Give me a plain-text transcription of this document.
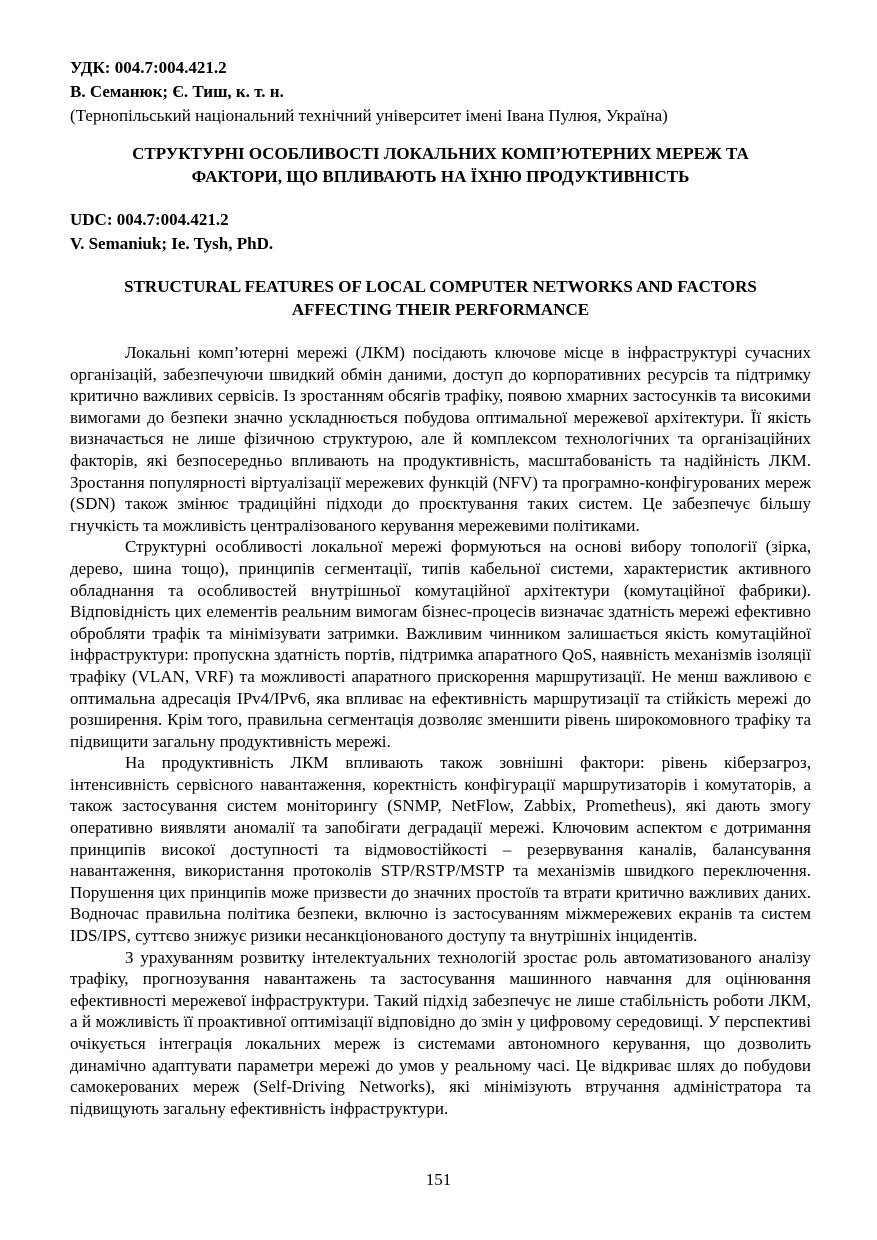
УДК: 004.7:004.421.2

В. Семанюк; Є. Тиш, к. т. н.

(Тернопільський національний технічний університет імені Івана Пулюя, Україна)

СТРУКТУРНІ ОСОБЛИВОСТІ ЛОКАЛЬНИХ КОМП’ЮТЕРНИХ МЕРЕЖ ТА ФАКТОРИ, ЩО ВПЛИВАЮТЬ НА ЇХНЮ ПРОДУКТИВНІСТЬ

UDC: 004.7:004.421.2

V. Semaniuk; Ie. Tysh, PhD.

STRUCTURAL FEATURES OF LOCAL COMPUTER NETWORKS AND FACTORS AFFECTING THEIR PERFORMANCE

Локальні комп’ютерні мережі (ЛКМ) посідають ключове місце в інфраструктурі сучасних організацій, забезпечуючи швидкий обмін даними, доступ до корпоративних ресурсів та підтримку критично важливих сервісів. Із зростанням обсягів трафіку, появою хмарних застосунків та високими вимогами до безпеки значно ускладнюється побудова оптимальної мережевої архітектури. Її якість визначається не лише фізичною структурою, але й комплексом технологічних та організаційних факторів, які безпосередньо впливають на продуктивність, масштабованість та надійність ЛКМ. Зростання популярності віртуалізації мережевих функцій (NFV) та програмно-конфігурованих мереж (SDN) також змінює традиційні підходи до проєктування таких систем. Це забезпечує більшу гнучкість та можливість централізованого керування мережевими політиками.

Структурні особливості локальної мережі формуються на основі вибору топології (зірка, дерево, шина тощо), принципів сегментації, типів кабельної системи, характеристик активного обладнання та особливостей внутрішньої комутаційної архітектури (комутаційної фабрики). Відповідність цих елементів реальним вимогам бізнес-процесів визначає здатність мережі ефективно обробляти трафік та мінімізувати затримки. Важливим чинником залишається якість комутаційної інфраструктури: пропускна здатність портів, підтримка апаратного QoS, наявність механізмів ізоляції трафіку (VLAN, VRF) та можливості апаратного прискорення маршрутизації. Не менш важливою є оптимальна адресація IPv4/IPv6, яка впливає на ефективність маршрутизації та стійкість мережі до розширення. Крім того, правильна сегментація дозволяє зменшити рівень широкомовного трафіку та підвищити загальну продуктивність мережі.

На продуктивність ЛКМ впливають також зовнішні фактори: рівень кіберзагроз, інтенсивність сервісного навантаження, коректність конфігурації маршрутизаторів і комутаторів, а також застосування систем моніторингу (SNMP, NetFlow, Zabbix, Prometheus), які дають змогу оперативно виявляти аномалії та запобігати деградації мережі. Ключовим аспектом є дотримання принципів високої доступності та відмовостійкості – резервування каналів, балансування навантаження, використання протоколів STP/RSTP/MSTP та механізмів швидкого переключення. Порушення цих принципів може призвести до значних простоїв та втрати критично важливих даних. Водночас правильна політика безпеки, включно із застосуванням міжмережевих екранів та систем IDS/IPS, суттєво знижує ризики несанкціонованого доступу та внутрішніх інцидентів.

З урахуванням розвитку інтелектуальних технологій зростає роль автоматизованого аналізу трафіку, прогнозування навантажень та застосування машинного навчання для оцінювання ефективності мережевої інфраструктури. Такий підхід забезпечує не лише стабільність роботи ЛКМ, а й можливість її проактивної оптимізації відповідно до змін у цифровому середовищі. У перспективі очікується інтеграція локальних мереж із системами автономного керування, що дозволить динамічно адаптувати параметри мережі до умов у реальному часі. Це відкриває шлях до побудови самокерованих мереж (Self-Driving Networks), які мінімізують втручання адміністратора та підвищують загальну ефективність інфраструктури.

151
